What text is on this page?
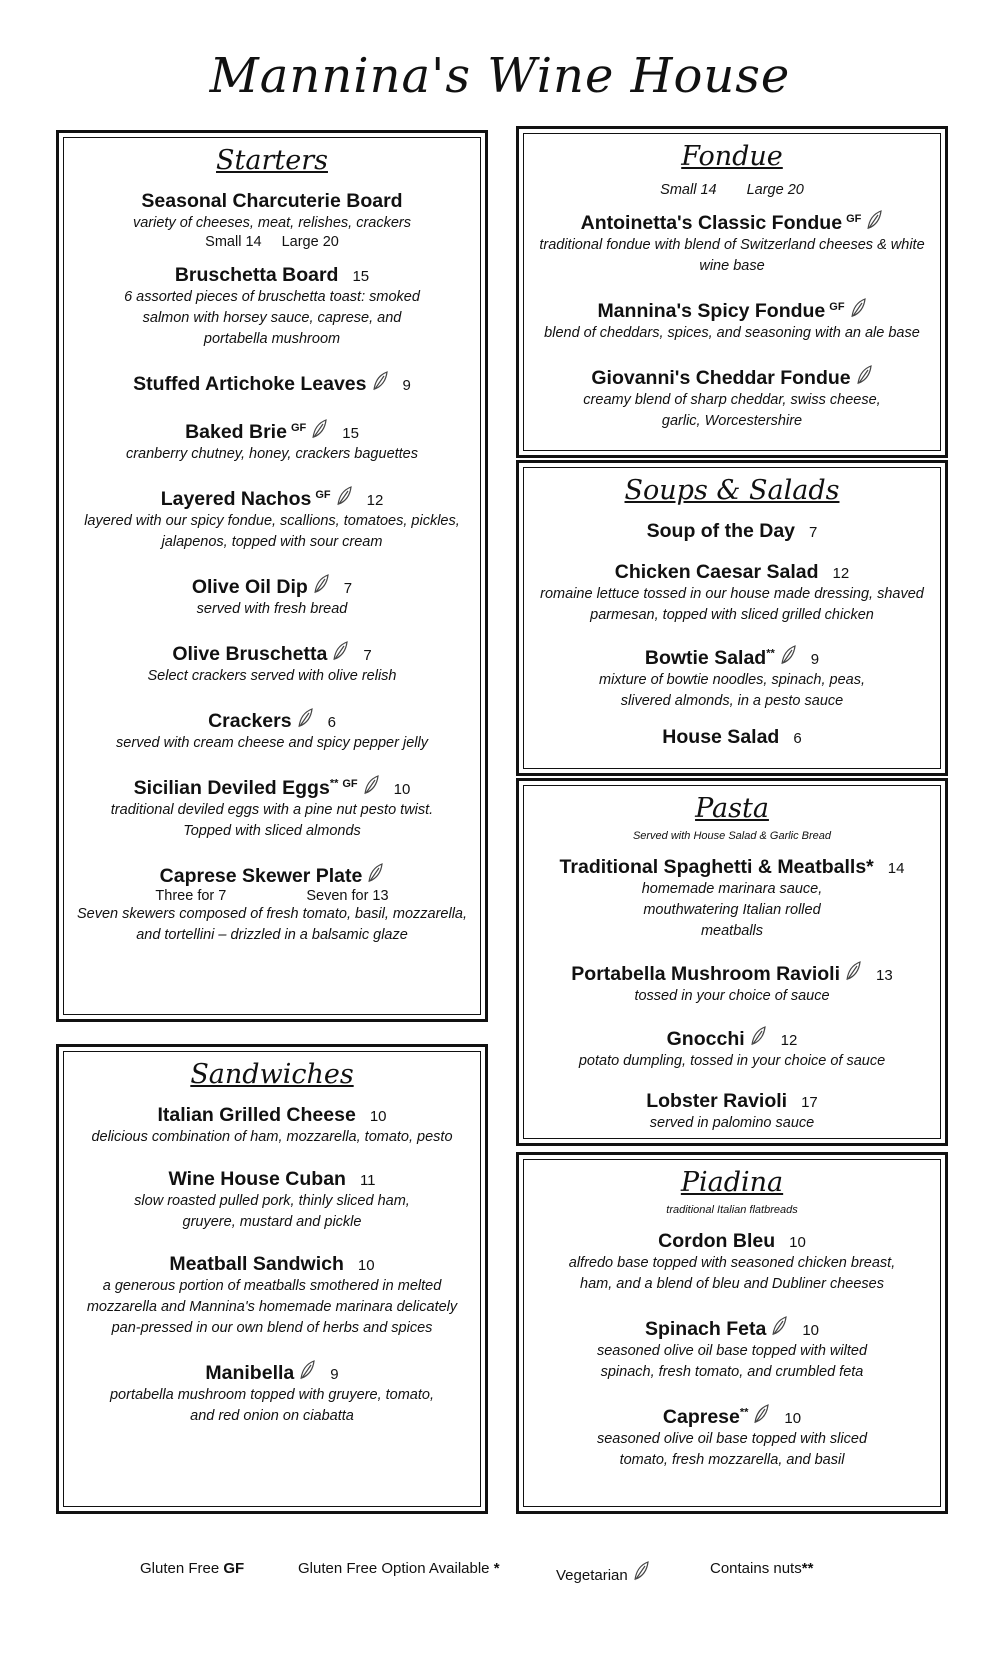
Mannina's Wine House
Starters
Seasonal Charcuterie Board
variety of cheeses, meat, relishes, crackers
Small 14 Large 20
Bruschetta Board 15
6 assorted pieces of bruschetta toast: smoked salmon with horsey sauce, caprese, and portabella mushroom
Stuffed Artichoke Leaves 9
Baked Brie $^{GF}$ 15
cranberry chutney, honey, crackers baguettes
Layered Nachos $^{GF}$ 12
layered with our spicy fondue, scallions, tomatoes, pickles, jalapenos, topped with sour cream
Olive Oil Dip 7
served with fresh bread
Olive Bruschetta 7
Select crackers served with olive relish
Crackers 6
served with cream cheese and spicy pepper jelly
Sicilian Deviled Eggs** $^{GF}$ 10
traditional deviled eggs with a pine nut pesto twist. Topped with sliced almonds
Caprese Skewer Plate
Three for 7	Seven for 13
Seven skewers composed of fresh tomato, basil, mozzarella, and tortellini – drizzled in a balsamic glaze
Sandwiches
Italian Grilled Cheese 10
delicious combination of ham, mozzarella, tomato, pesto
Wine House Cuban 11
slow roasted pulled pork, thinly sliced ham, gruyere, mustard and pickle
Meatball Sandwich 10
a generous portion of meatballs smothered in melted mozzarella and Mannina's homemade marinara delicately pan-pressed in our own blend of herbs and spices
Manibella 9
portabella mushroom topped with gruyere, tomato, and red onion on ciabatta
Fondue
Small 14 Large 20
Antoinetta's Classic Fondue $^{GF}$
traditional fondue with blend of Switzerland cheeses & white wine base
Mannina's Spicy Fondue $^{GF}$
blend of cheddars, spices, and seasoning with an ale base
Giovanni's Cheddar Fondue
creamy blend of sharp cheddar, swiss cheese, garlic, Worcestershire
Soups & Salads
Soup of the Day 7
Chicken Caesar Salad 12
romaine lettuce tossed in our house made dressing, shaved parmesan, topped with sliced grilled chicken
Bowtie Salad** 9
mixture of bowtie noodles, spinach, peas, slivered almonds, in a pesto sauce
House Salad 6
Pasta
Served with House Salad & Garlic Bread
Traditional Spaghetti & Meatballs* 14
homemade marinara sauce, mouthwatering Italian rolled meatballs
Portabella Mushroom Ravioli 13
tossed in your choice of sauce
Gnocchi 12
potato dumpling, tossed in your choice of sauce
Lobster Ravioli 17
served in palomino sauce
Piadina
traditional Italian flatbreads
Cordon Bleu 10
alfredo base topped with seasoned chicken breast, ham, and a blend of bleu and Dubliner cheeses
Spinach Feta 10
seasoned olive oil base topped with wilted spinach, fresh tomato, and crumbled feta
Caprese** 10
seasoned olive oil base topped with sliced tomato, fresh mozzarella, and basil
Gluten Free GF	Gluten Free Option Available *	Vegetarian	Contains nuts**
